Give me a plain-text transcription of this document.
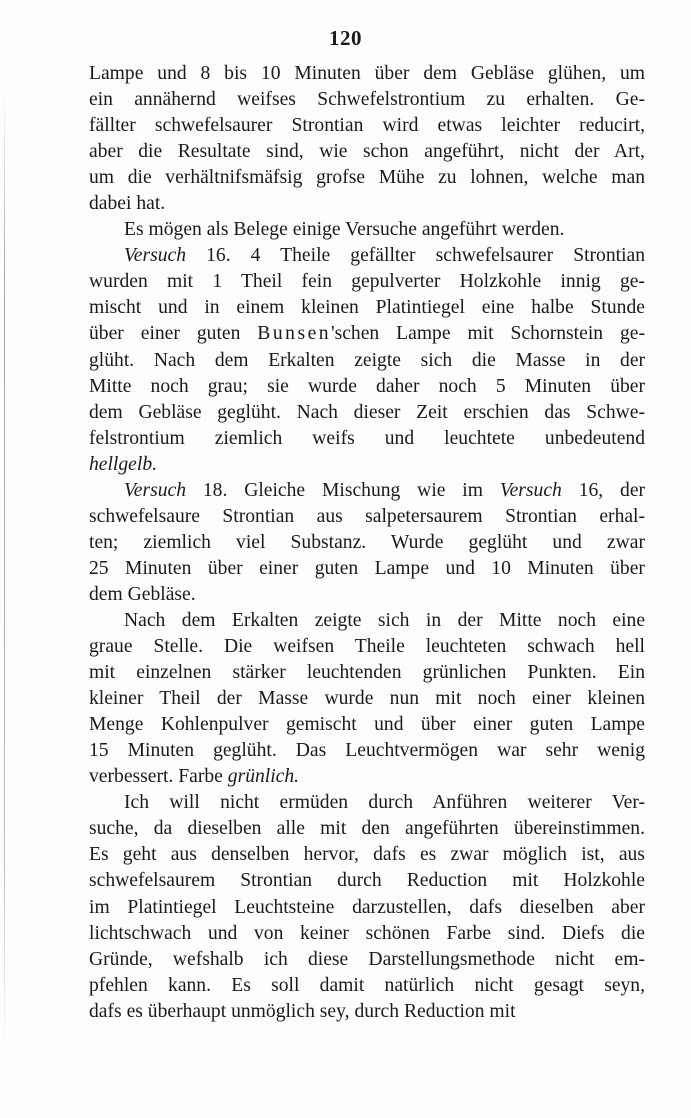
120
Lampe und 8 bis 10 Minuten über dem Gebläse glühen, um
ein annähernd weifses Schwefelstrontium zu erhalten. Ge-
fällter schwefelsaurer Strontian wird etwas leichter reducirt,
aber die Resultate sind, wie schon angeführt, nicht der Art,
um die verhältnifsmäfsig grofse Mühe zu lohnen, welche man
dabei hat.
Es mögen als Belege einige Versuche angeführt werden.
Versuch 16. 4 Theile gefällter schwefelsaurer Strontian
wurden mit 1 Theil fein gepulverter Holzkohle innig ge-
mischt und in einem kleinen Platintiegel eine halbe Stunde
über einer guten Bunsen'schen Lampe mit Schornstein ge-
glüht. Nach dem Erkalten zeigte sich die Masse in der
Mitte noch grau; sie wurde daher noch 5 Minuten über
dem Gebläse geglüht. Nach dieser Zeit erschien das Schwe-
felstrontium ziemlich weifs und leuchtete unbedeutend
hellgelb.
Versuch 18. Gleiche Mischung wie im Versuch 16, der
schwefelsaure Strontian aus salpetersaurem Strontian erhal-
ten; ziemlich viel Substanz. Wurde geglüht und zwar
25 Minuten über einer guten Lampe und 10 Minuten über
dem Gebläse.
Nach dem Erkalten zeigte sich in der Mitte noch eine
graue Stelle. Die weifsen Theile leuchteten schwach hell
mit einzelnen stärker leuchtenden grünlichen Punkten. Ein
kleiner Theil der Masse wurde nun mit noch einer kleinen
Menge Kohlenpulver gemischt und über einer guten Lampe
15 Minuten geglüht. Das Leuchtvermögen war sehr wenig
verbessert. Farbe grünlich.
Ich will nicht ermüden durch Anführen weiterer Ver-
suche, da dieselben alle mit den angeführten übereinstimmen.
Es geht aus denselben hervor, dafs es zwar möglich ist, aus
schwefelsaurem Strontian durch Reduction mit Holzkohle
im Platintiegel Leuchtsteine darzustellen, dafs dieselben aber
lichtschwach und von keiner schönen Farbe sind. Diefs die
Gründe, wefshalb ich diese Darstellungsmethode nicht em-
pfehlen kann. Es soll damit natürlich nicht gesagt seyn,
dafs es überhaupt unmöglich sey, durch Reduction mit
